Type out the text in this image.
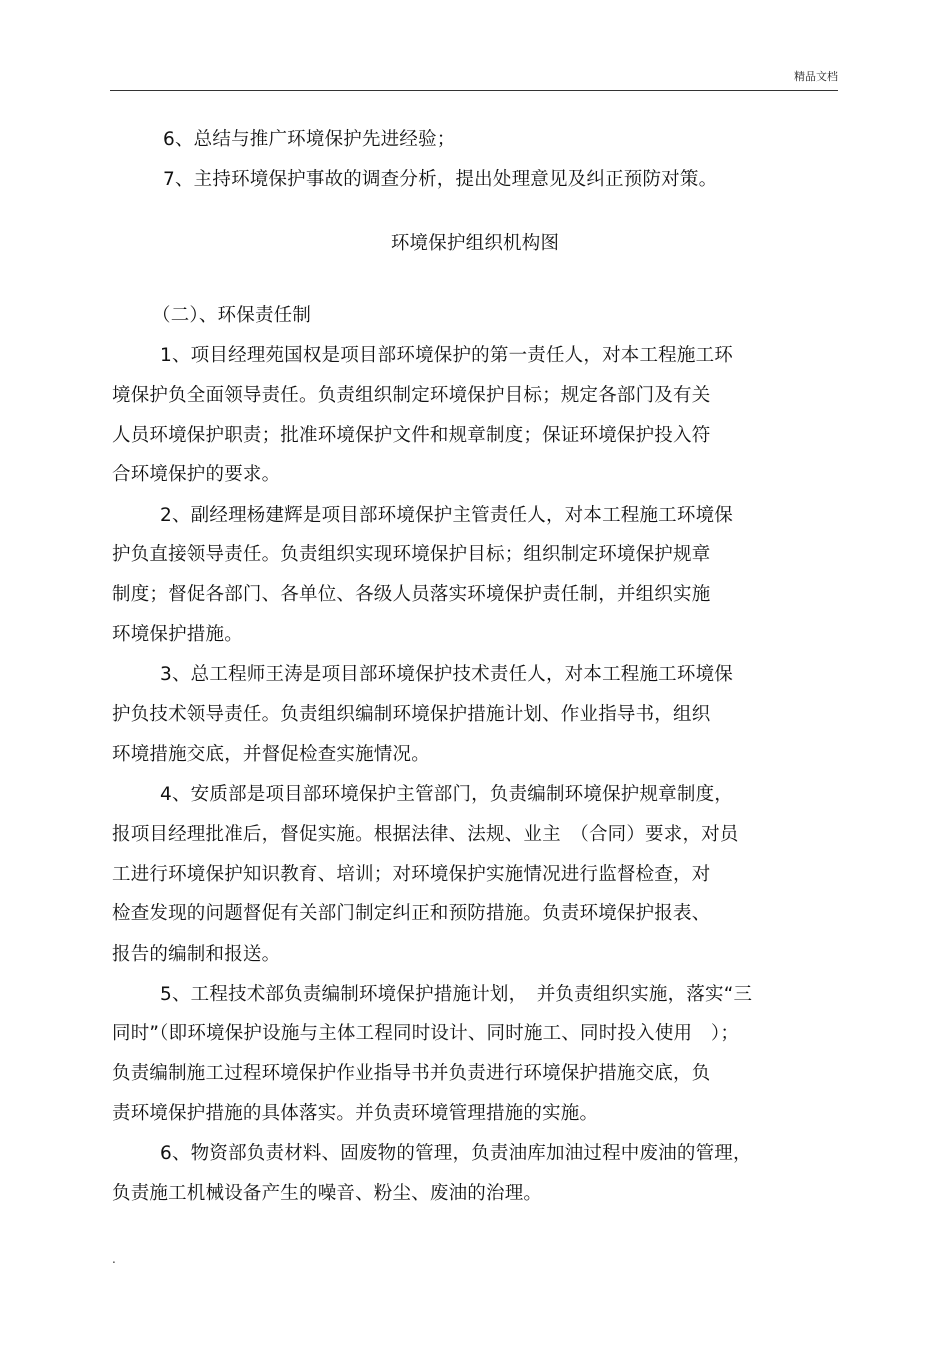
精品文档
6、总结与推广环境保护先进经验；
7、主持环境保护事故的调查分析，提出处理意见及纠正预防对策。
环境保护组织机构图
（二）、环保责任制
1、项目经理苑国权是项目部环境保护的第一责任人，对本工程施工环
境保护负全面领导责任。负责组织制定环境保护目标；规定各部门及有关
人员环境保护职责；批准环境保护文件和规章制度；保证环境保护投入符
合环境保护的要求。
2、副经理杨建辉是项目部环境保护主管责任人，对本工程施工环境保
护负直接领导责任。负责组织实现环境保护目标；组织制定环境保护规章
制度；督促各部门、各单位、各级人员落实环境保护责任制，并组织实施
环境保护措施。
3、总工程师王涛是项目部环境保护技术责任人，对本工程施工环境保
护负技术领导责任。负责组织编制环境保护措施计划、作业指导书，组织
环境措施交底，并督促检查实施情况。
4、安质部是项目部环境保护主管部门，负责编制环境保护规章制度，
报项目经理批准后，督促实施。根据法律、法规、业主　（合同）要求，对员
工进行环境保护知识教育、培训；对环境保护实施情况进行监督检查，对
检查发现的问题督促有关部门制定纠正和预防措施。负责环境保护报表、
报告的编制和报送。
5、工程技术部负责编制环境保护措施计划，　并负责组织实施，落实“三
同时”（即环境保护设施与主体工程同时设计、同时施工、同时投入使用　）；
负责编制施工过程环境保护作业指导书并负责进行环境保护措施交底，负
责环境保护措施的具体落实。并负责环境管理措施的实施。
6、物资部负责材料、固废物的管理，负责油库加油过程中废油的管理，
负责施工机械设备产生的噪音、粉尘、废油的治理。
.
